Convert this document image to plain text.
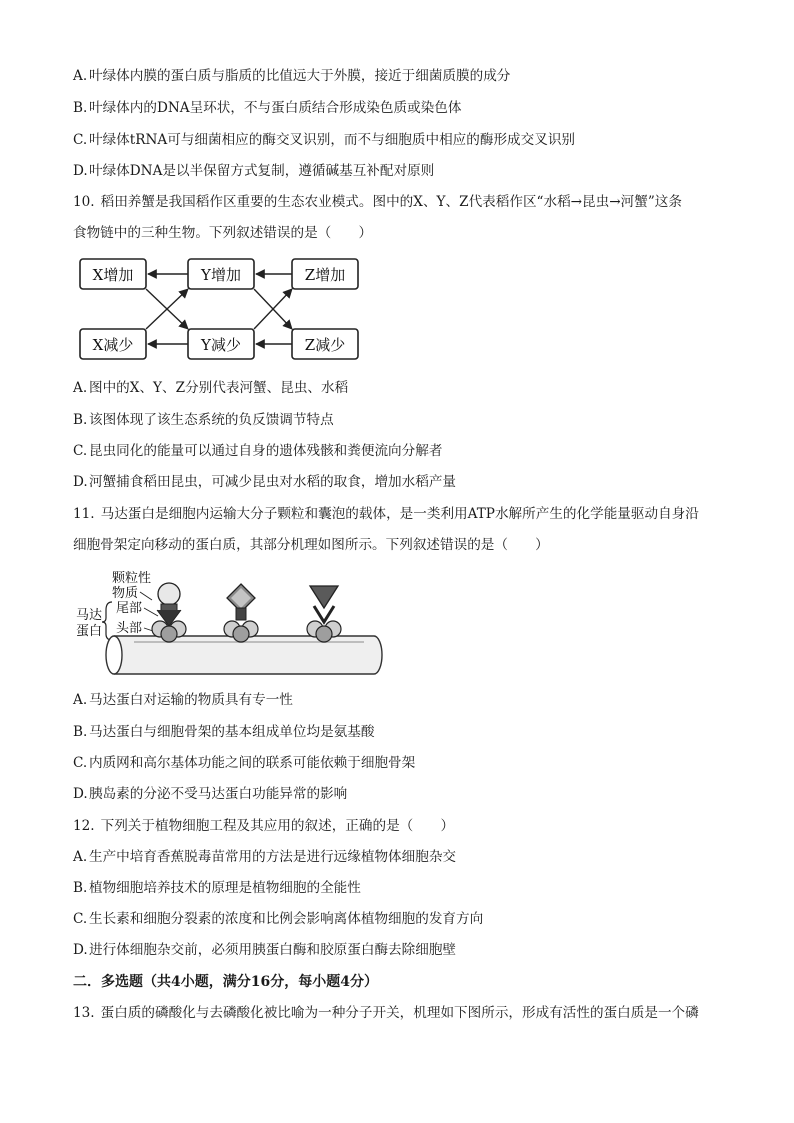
A. 叶绿体内膜的蛋白质与脂质的比值远大于外膜，接近于细菌质膜的成分
B. 叶绿体内的DNA呈环状，不与蛋白质结合形成染色质或染色体
C. 叶绿体tRNA可与细菌相应的酶交叉识别，而不与细胞质中相应的酶形成交叉识别
D.叶绿体DNA是以半保留方式复制，遵循碱基互补配对原则
10. 稻田养蟹是我国稻作区重要的生态农业模式。图中的X、Y、Z代表稻作区“水稻→昆虫→河蟹”这条
食物链中的三种生物。下列叙述错误的是（　　）
X增加	Y增加	Z增加
X减少	Y减少	Z减少
A. 图中的X、Y、Z分别代表河蟹、昆虫、水稻
B. 该图体现了该生态系统的负反馈调节特点
C. 昆虫同化的能量可以通过自身的遗体残骸和粪便流向分解者
D.河蟹捕食稻田昆虫，可减少昆虫对水稻的取食，增加水稻产量
11. 马达蛋白是细胞内运输大分子颗粒和囊泡的载体，是一类利用ATP水解所产生的化学能量驱动自身沿
细胞骨架定向移动的蛋白质，其部分机理如图所示。下列叙述错误的是（　　）
颗粒性
物质
马达
蛋白
尾部
头部
A. 马达蛋白对运输的物质具有专一性
B. 马达蛋白与细胞骨架的基本组成单位均是氨基酸
C. 内质网和高尔基体功能之间的联系可能依赖于细胞骨架
D.胰岛素的分泌不受马达蛋白功能异常的影响
12. 下列关于植物细胞工程及其应用的叙述，正确的是（　　）
A. 生产中培育香蕉脱毒苗常用的方法是进行远缘植物体细胞杂交
B. 植物细胞培养技术的原理是植物细胞的全能性
C. 生长素和细胞分裂素的浓度和比例会影响离体植物细胞的发育方向
D.进行体细胞杂交前，必须用胰蛋白酶和胶原蛋白酶去除细胞壁
二．多选题（共4小题，满分16分，每小题4分）
13. 蛋白质的磷酸化与去磷酸化被比喻为一种分子开关，机理如下图所示，形成有活性的蛋白质是一个磷
